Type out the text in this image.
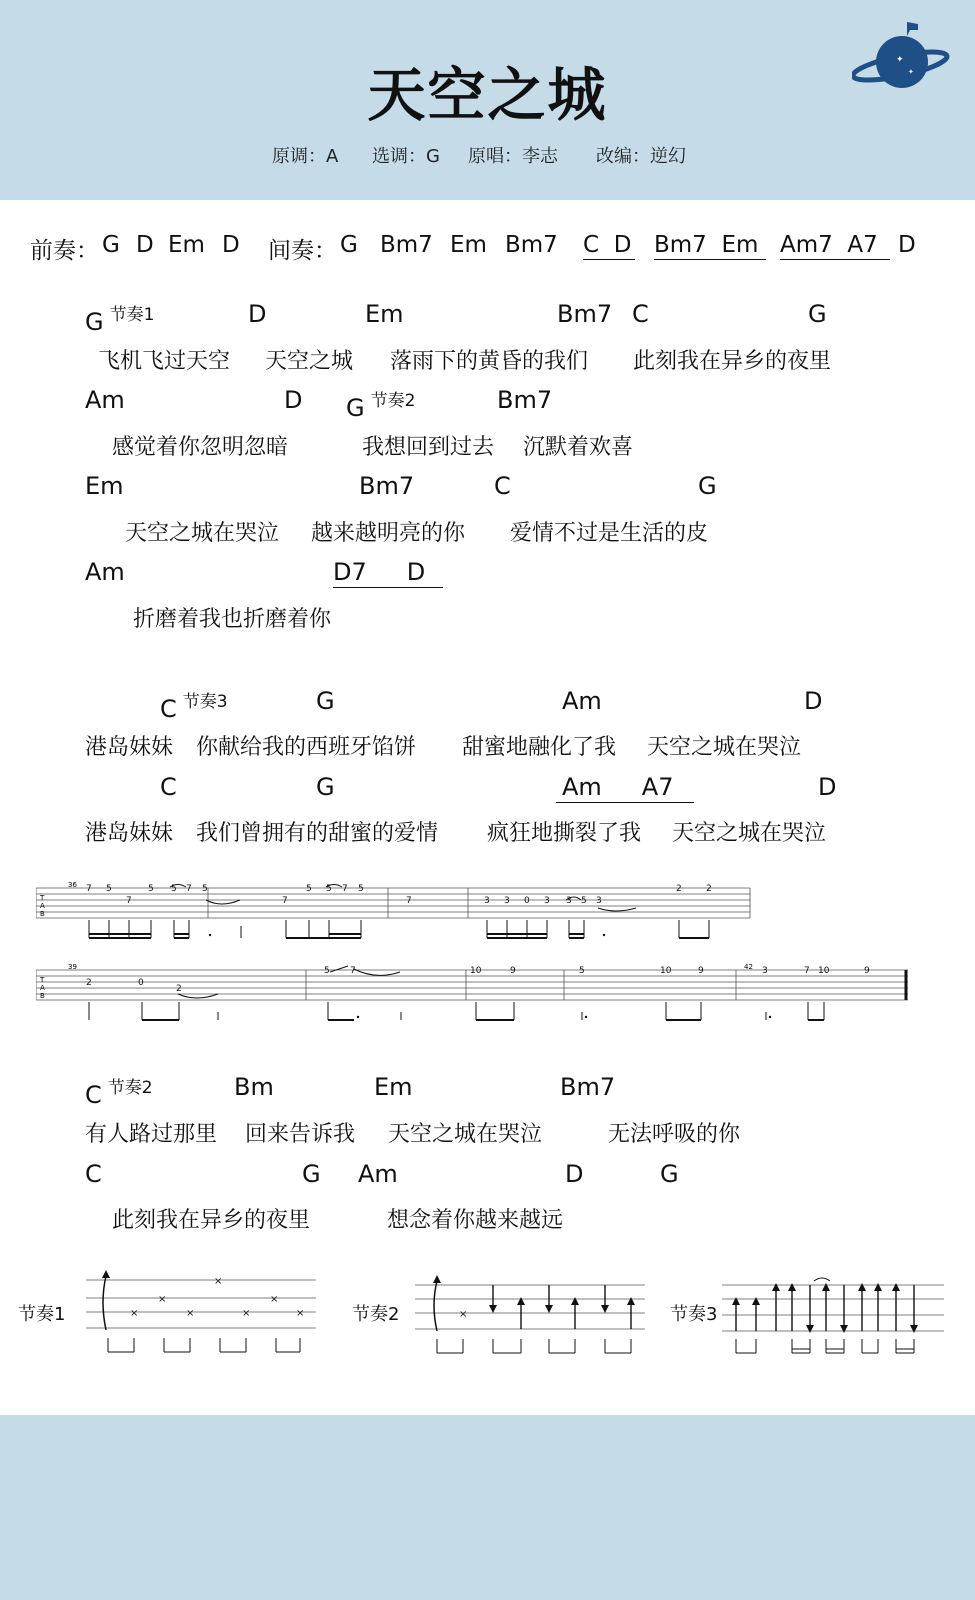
天空之城
原调：A 选调：G 原唱：李志 改编：逆幻
✦
✦
前奏： G D Em D 间奏： G Bm7 Em Bm7 C D Bm7 Em Am7 A7 D
G $^{节奏1}$	D	Em	Bm7 C	G
飞机飞过天空 天空之城 落雨下的黄昏的我们 此刻我在异乡的夜里
Am	D G $^{节奏2}$	Bm7
感觉着你忽明忽暗	我想回到过去 沉默着欢喜
Em	Bm7	C	G
天空之城在哭泣 越来越明亮的你 爱情不过是生活的皮
Am	D7 D
折磨着我也折磨着你
C $^{节奏3}$	G	Am	D
港岛妹妹 你献给我的西班牙馅饼 甜蜜地融化了我 天空之城在哭泣
C	G	Am A7	D
港岛妹妹 我们曾拥有的甜蜜的爱情 疯狂地撕裂了我 天空之城在哭泣
T
A
B
36 7 5
7
5 5 7 5
7
5 5 7 5
7	3 3 0 3 3 5 3
2	2
T
A
B
39	42
2	0
2
5 7	10	9	5	10	9	3	7 10	9
C $^{节奏2}$	Bm	Em	Bm7
有人路过那里 回来告诉我 天空之城在哭泣	无法呼吸的你
C	G Am	D	G
此刻我在异乡的夜里	想念着你越来越远
节奏1	×
×
×
×
×
×
×	节奏2	×	节奏3
